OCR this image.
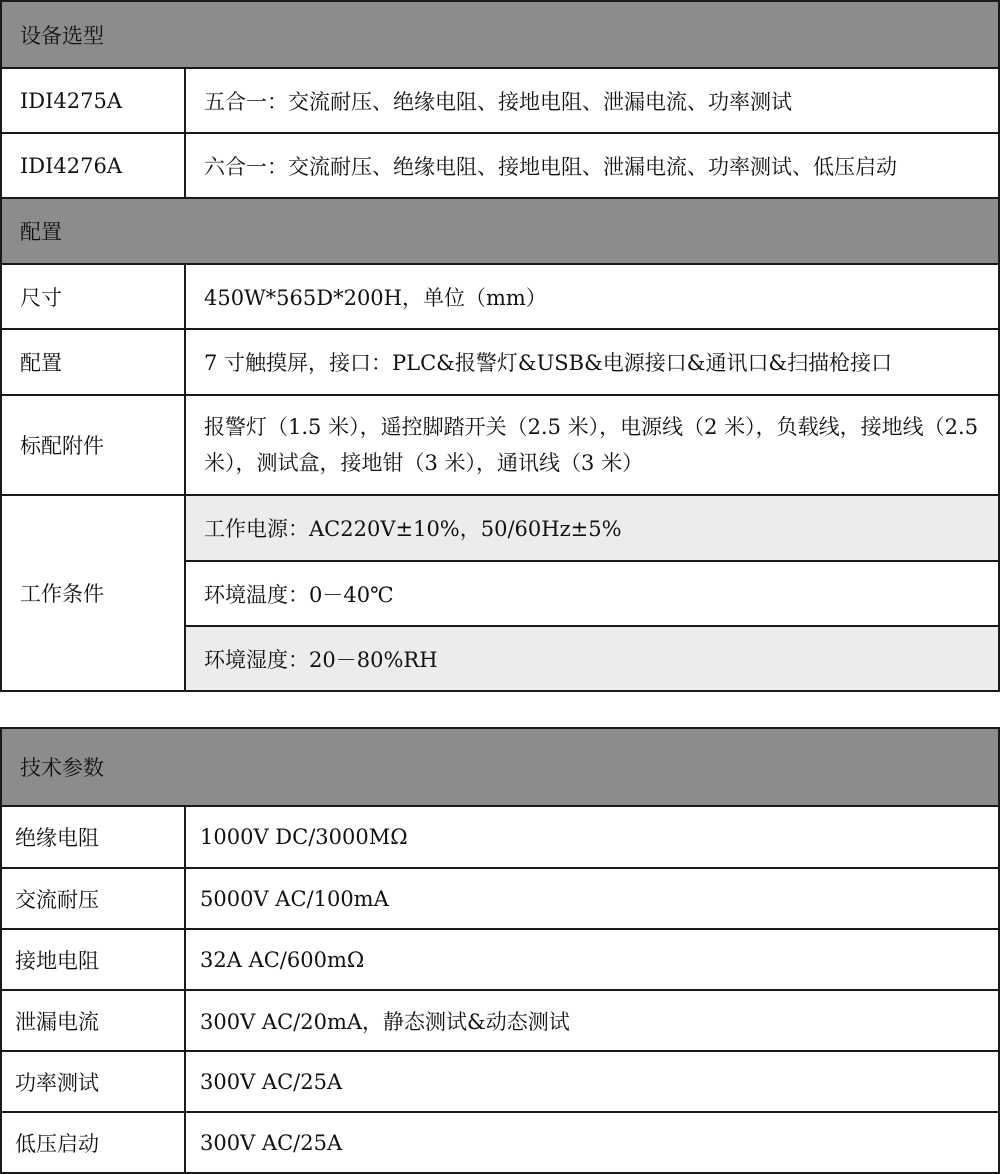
设备选型	
IDI4275A	五合一：交流耐压、绝缘电阻、接地电阻、泄漏电流、功率测试
IDI4276A	六合一：交流耐压、绝缘电阻、接地电阻、泄漏电流、功率测试、低压启动
配置	
尺寸	450W*565D*200H，单位（mm）
配置	7 寸触摸屏，接口：PLC&报警灯&USB&电源接口&通讯口&扫描枪接口
标配附件	报警灯（1.5 米），遥控脚踏开关（2.5 米），电源线（2 米），负载线，接地线（2.5 米），测试盒，接地钳（3 米），通讯线（3 米）
工作条件	工作电源：AC220V±10%，50/60Hz±5%
	环境温度：0－40℃
	环境湿度：20－80%RH
技术参数	
绝缘电阻	1000V DC/3000MΩ
交流耐压	5000V AC/100mA
接地电阻	32A AC/600mΩ
泄漏电流	300V AC/20mA，静态测试&动态测试
功率测试	300V AC/25A
低压启动	300V AC/25A
